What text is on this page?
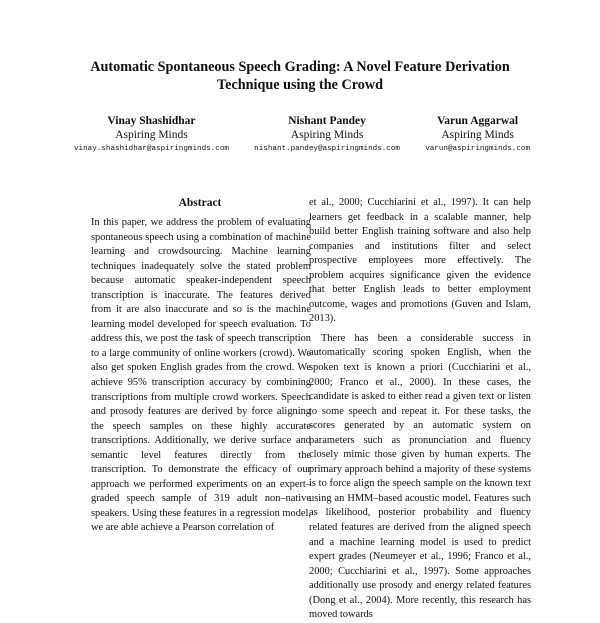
Automatic Spontaneous Speech Grading: A Novel Feature Derivation
Technique using the Crowd
Vinay Shashidhar
Aspiring Minds
vinay.shashidhar@aspiringminds.com
Nishant Pandey
Aspiring Minds
nishant.pandey@aspiringminds.com
Varun Aggarwal
Aspiring Minds
varun@aspiringminds.com
Abstract

In this paper, we address the problem of evaluating spontaneous speech using a combination of machine learning and crowdsourcing. Machine learning techniques inadequately solve the stated problem because automatic speaker-independent speech transcription is inaccurate. The features derived from it are also inaccurate and so is the machine learning model developed for speech evaluation. To address this, we post the task of speech transcription to a large community of online workers (crowd). We also get spoken English grades from the crowd. We achieve 95% transcription accuracy by combining transcriptions from multiple crowd workers. Speech and prosody features are derived by force aligning the speech samples on these highly accurate transcriptions. Additionally, we derive surface and semantic level features directly from the transcription. To demonstrate the efficacy of our approach we performed experiments on an expert–graded speech sample of 319 adult non–native speakers. Using these features in a regression model, we are able achieve a Pearson correlation of

et al., 2000; Cucchiarini et al., 1997). It can help learners get feedback in a scalable manner, help build better English training software and also help companies and institutions filter and select prospective employees more effectively. The problem acquires significance given the evidence that better English leads to better employment outcome, wages and promotions (Guven and Islam, 2013).

There has been a considerable success in automatically scoring spoken English, when the spoken text is known a priori (Cucchiarini et al., 2000; Franco et al., 2000). In these cases, the candidate is asked to either read a given text or listen to some speech and repeat it. For these tasks, the scores generated by an automatic system on parameters such as pronunciation and fluency closely mimic those given by human experts. The primary approach behind a majority of these systems is to force align the speech sample on the known text using an HMM–based acoustic model. Features such as likelihood, posterior probability and fluency related features are derived from the aligned speech and a machine learning model is used to predict expert grades (Neumeyer et al., 1996; Franco et al., 2000; Cucchiarini et al., 1997). Some approaches additionally use prosody and energy related features (Dong et al., 2004). More recently, this research has moved towards
